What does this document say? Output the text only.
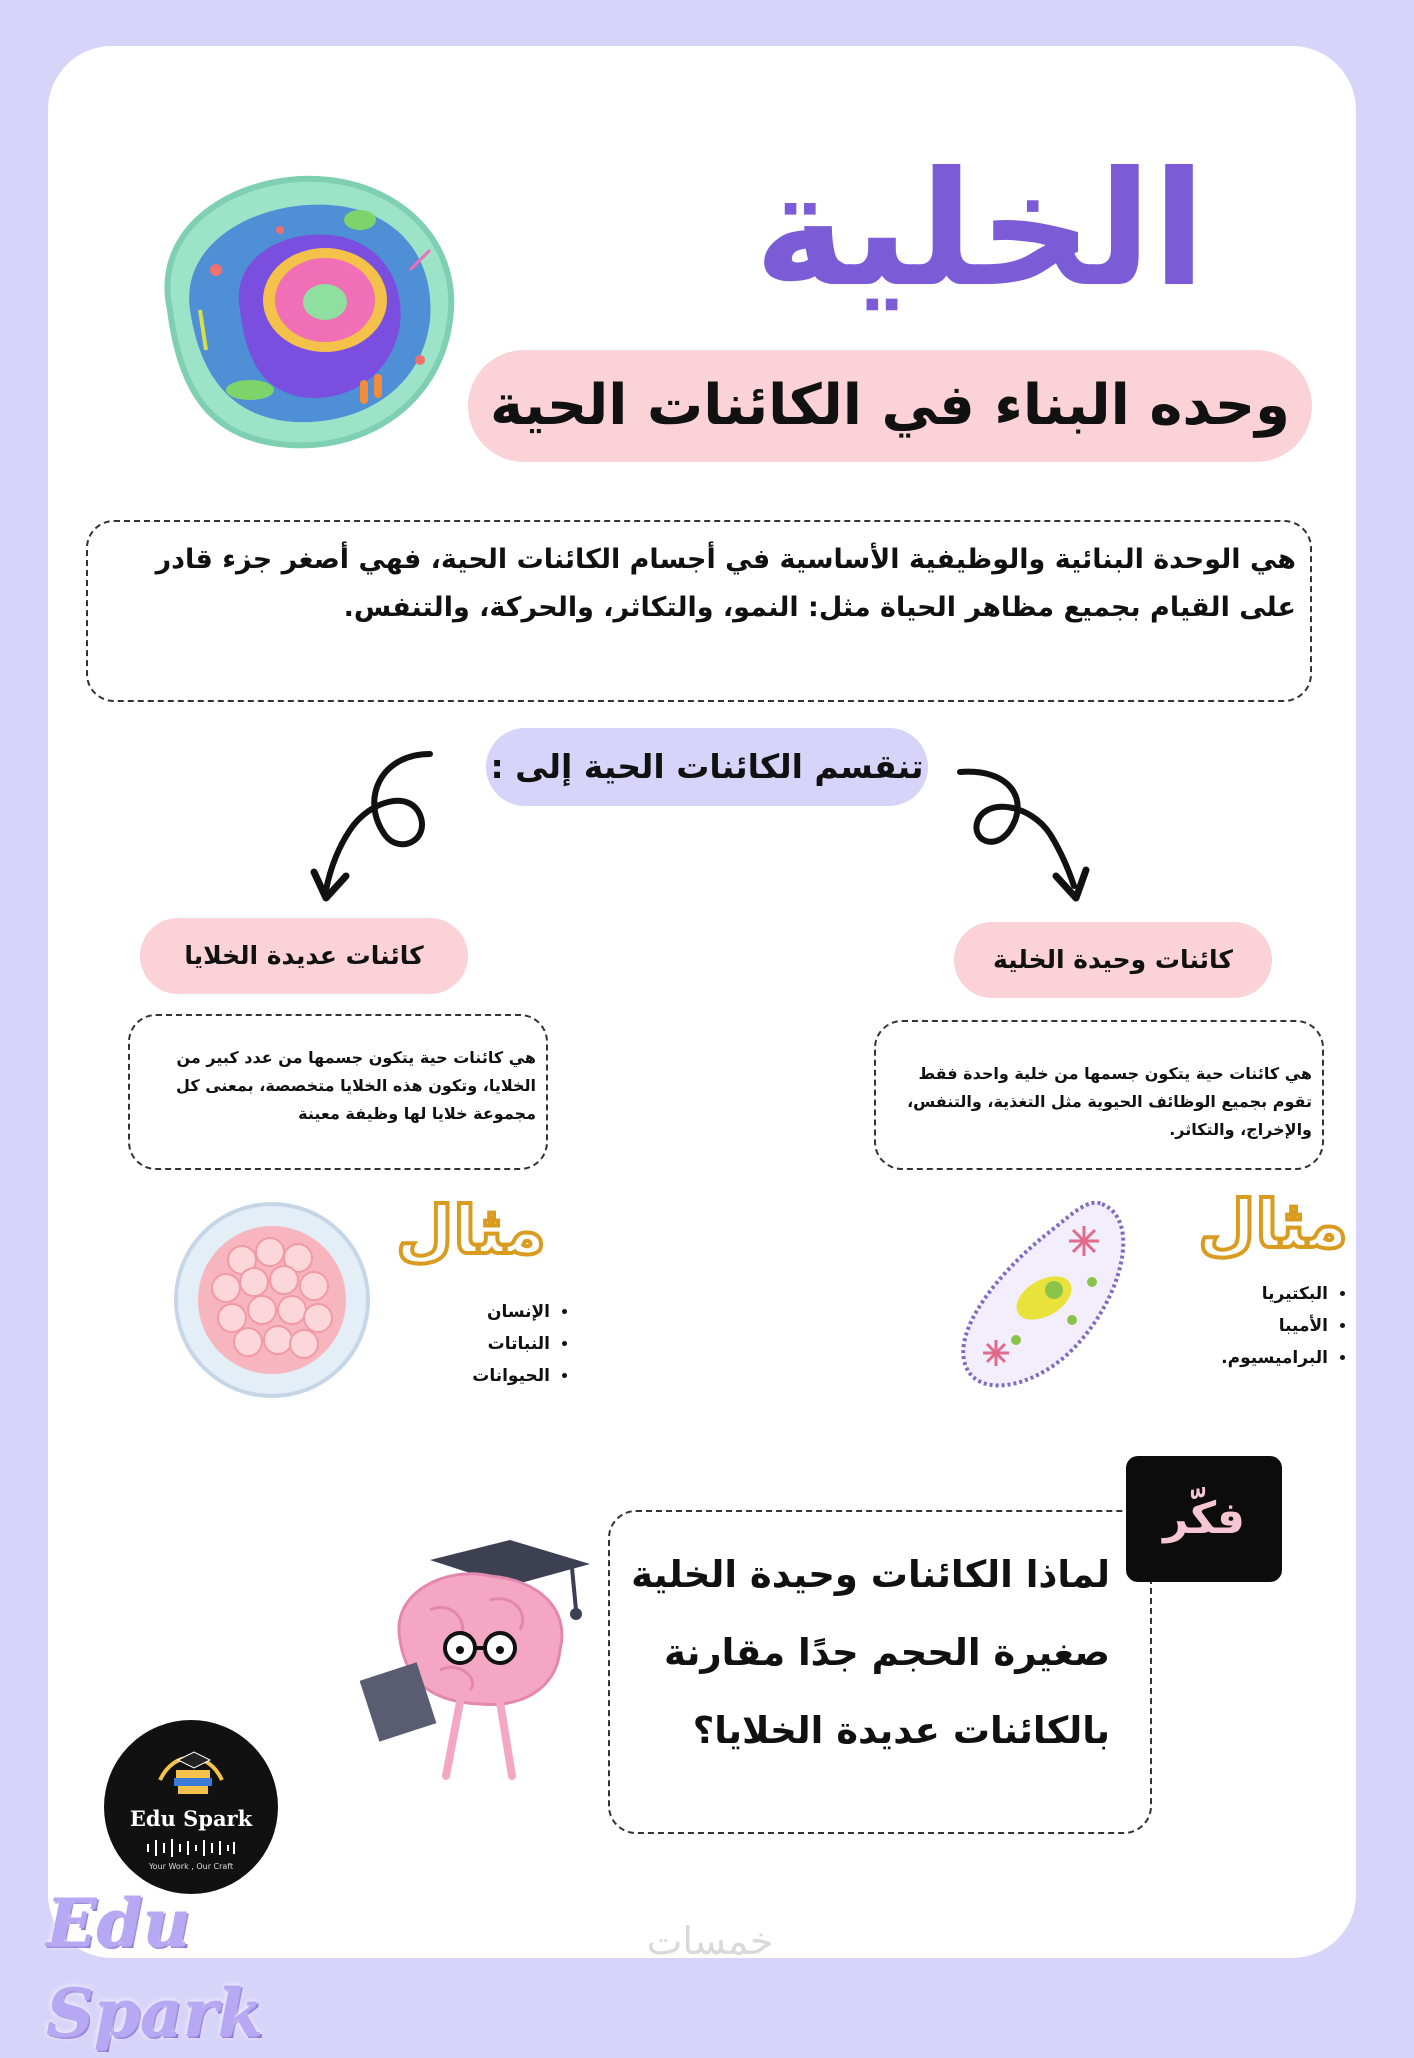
الخلية
وحده البناء في الكائنات الحية
هي الوحدة البنائية والوظيفية الأساسية في أجسام الكائنات الحية، فهي أصغر جزء قادر على القيام بجميع مظاهر الحياة مثل: النمو، والتكاثر، والحركة، والتنفس.
تنقسم الكائنات الحية إلى :
كائنات عديدة الخلايا	كائنات وحيدة الخلية
هي كائنات حية يتكون جسمها من عدد كبير من الخلايا، وتكون هذه الخلايا متخصصة، بمعنى كل مجموعة خلايا لها وظيفة معينة
هي كائنات حية يتكون جسمها من خلية واحدة فقط تقوم بجميع الوظائف الحيوية مثل التغذية، والتنفس، والإخراج، والتكاثر.
مثال
• الإنسان
• النباتات
• الحيوانات
مثال
• البكتيريا
• الأميبا
• البراميسيوم.
لماذا الكائنات وحيدة الخلية
صغيرة الحجم جدًا مقارنة
بالكائنات عديدة الخلايا؟
فكّر
Edu Spark
Your Work , Our Craft
Edu Spark
خمسات
